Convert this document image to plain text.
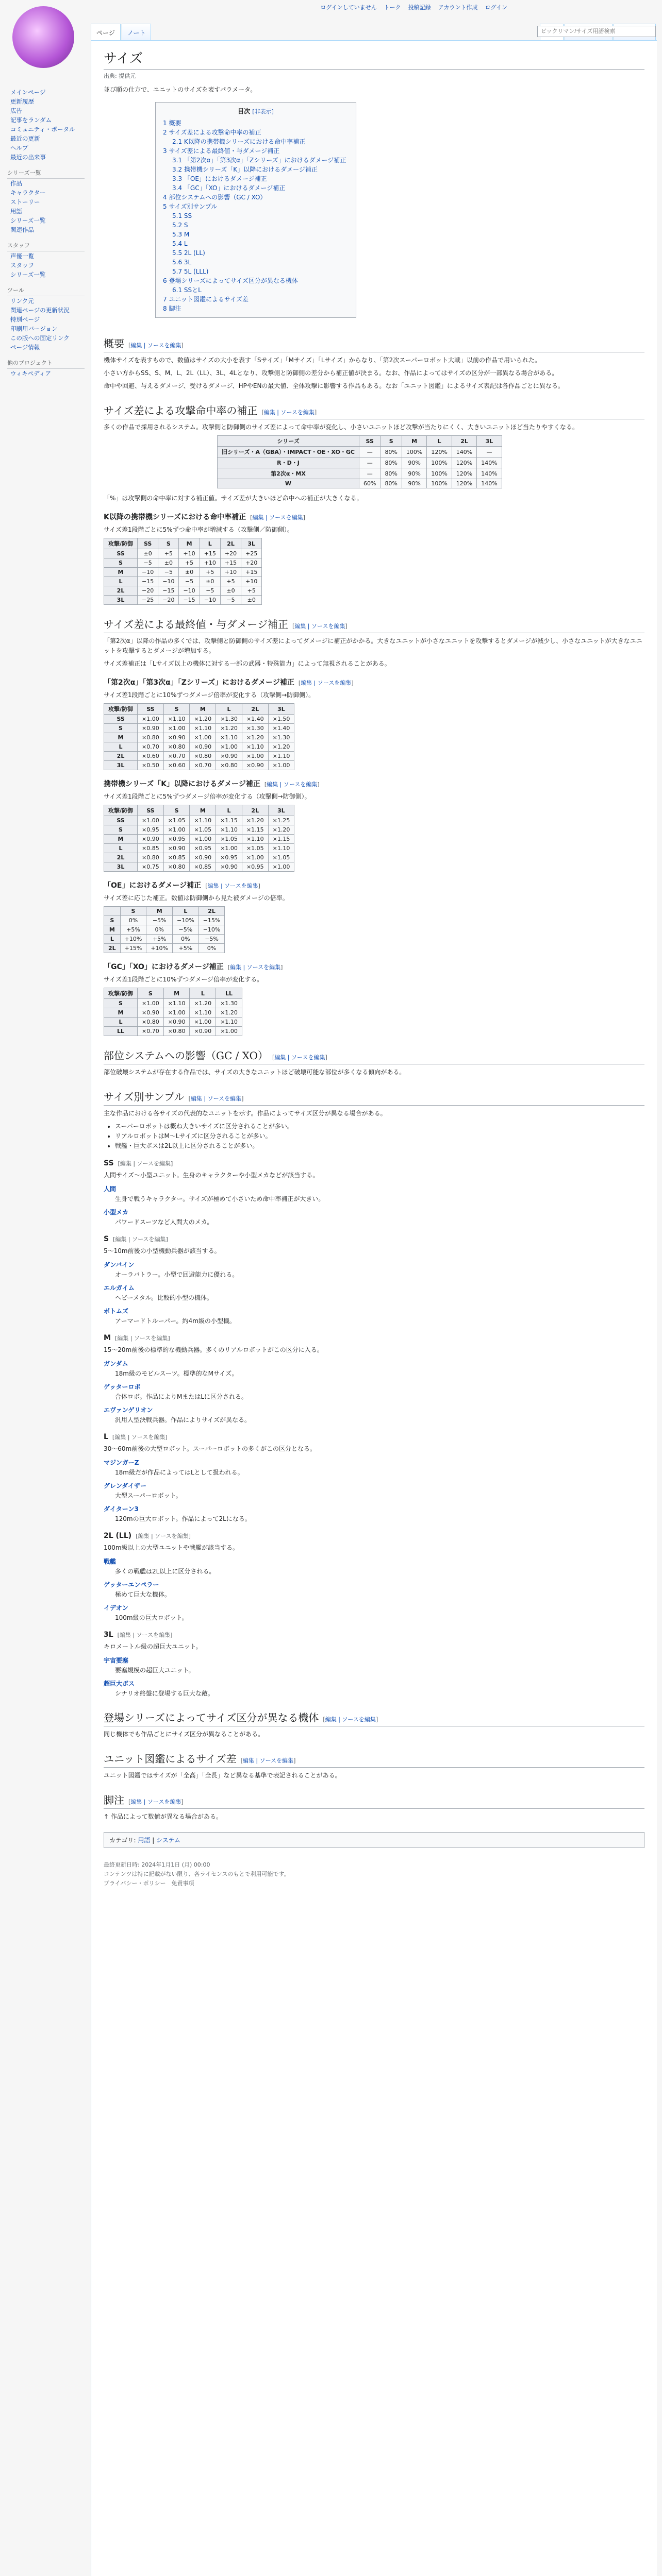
ログインしていません トーク 投稿記録 アカウント作成 ログイン
メインページ
更新履歴
広告
記事をランダム
コミュニティ・ポータル
最近の更新
ヘルプ
最近の出来事
シリーズ一覧
作品
キャラクター
ストーリー
用語
シリーズ一覧
関連作品
スタッフ
声優一覧
スタッフ
シリーズ一覧
ツール
リンク元
関連ページの更新状況
特別ページ
印刷用バージョン
この版への固定リンク
ページ情報
他のプロジェクト
ウィキペディア
ページ ノート
ビックリマン/サイズ用語検索
サイズ
出典: 提供元

並び順の仕方で、ユニットのサイズを表すパラメータ。

目次 [非表示]
1 概要
2 サイズ差による攻撃命中率の補正
2.1 K以降の携帯機シリーズにおける命中率補正
3 サイズ差による最終値・与ダメージ補正
3.1 「第2次α」「第3次α」「Zシリーズ」におけるダメージ補正
3.2 携帯機シリーズ「K」以降におけるダメージ補正
3.3 「OE」におけるダメージ補正
3.4 「GC」「XO」におけるダメージ補正
4 部位システムへの影響（GC / XO）
5 サイズ別サンプル
5.1 SS
5.2 S
5.3 M
5.4 L
5.5 2L (LL)
5.6 3L
5.7 5L (LLL)
6 登場シリーズによってサイズ区分が異なる機体
6.1 SSとL
7 ユニット図鑑によるサイズ差
8 脚注
概要 [編集 | ソースを編集]

機体サイズを表すもので、数値はサイズの大小を表す「Sサイズ」「Mサイズ」「Lサイズ」からなり、「第2次スーパーロボット大戦」以前の作品で用いられた。

小さい方からSS、S、M、L、2L（LL）、3L、4Lとなり、攻撃側と防御側の差分から補正値が決まる。なお、作品によってはサイズの区分が一部異なる場合がある。

命中や回避、与えるダメージ、受けるダメージ、HPやENの最大値、全体攻撃に影響する作品もある。なお「ユニット図鑑」によるサイズ表記は各作品ごとに異なる。

サイズ差による攻撃命中率の補正 [編集 | ソースを編集]

多くの作品で採用されるシステム。攻撃側と防御側のサイズ差によって命中率が変化し、小さいユニットほど攻撃が当たりにくく、大きいユニットほど当たりやすくなる。

シリーズ	SS	S	M	L	2L	3L
旧シリーズ・A（GBA）・IMPACT・OE・XO・GC	—	80%	100%	120%	140%	—
R・D・J	—	80%	90%	100%	120%	140%
第2次α・MX	—	80%	90%	100%	120%	140%
W	60%	80%	90%	100%	120%	140%

「%」は攻撃側の命中率に対する補正値。サイズ差が大きいほど命中への補正が大きくなる。

K以降の携帯機シリーズにおける命中率補正 [編集 | ソースを編集]

サイズ差1段階ごとに5%ずつ命中率が増減する（攻撃側／防御側）。

攻撃/防御	SS	S	M	L	2L	3L
SS	±0	+5	+10	+15	+20	+25
S	−5	±0	+5	+10	+15	+20
M	−10	−5	±0	+5	+10	+15
L	−15	−10	−5	±0	+5	+10
2L	−20	−15	−10	−5	±0	+5
3L	−25	−20	−15	−10	−5	±0
サイズ差による最終値・与ダメージ補正 [編集 | ソースを編集]

「第2次α」以降の作品の多くでは、攻撃側と防御側のサイズ差によってダメージに補正がかかる。大きなユニットが小さなユニットを攻撃するとダメージが減少し、小さなユニットが大きなユニットを攻撃するとダメージが増加する。

サイズ差補正は「Lサイズ以上の機体に対する一部の武器・特殊能力」によって無視されることがある。

「第2次α」「第3次α」「Zシリーズ」におけるダメージ補正 [編集 | ソースを編集]

サイズ差1段階ごとに10%ずつダメージ倍率が変化する（攻撃側→防御側）。

攻撃/防御	SS	S	M	L	2L	3L
SS	×1.00	×1.10	×1.20	×1.30	×1.40	×1.50
S	×0.90	×1.00	×1.10	×1.20	×1.30	×1.40
M	×0.80	×0.90	×1.00	×1.10	×1.20	×1.30
L	×0.70	×0.80	×0.90	×1.00	×1.10	×1.20
2L	×0.60	×0.70	×0.80	×0.90	×1.00	×1.10
3L	×0.50	×0.60	×0.70	×0.80	×0.90	×1.00
携帯機シリーズ「K」以降におけるダメージ補正 [編集 | ソースを編集]

サイズ差1段階ごとに5%ずつダメージ倍率が変化する（攻撃側→防御側）。

攻撃/防御	SS	S	M	L	2L	3L
SS	×1.00	×1.05	×1.10	×1.15	×1.20	×1.25
S	×0.95	×1.00	×1.05	×1.10	×1.15	×1.20
M	×0.90	×0.95	×1.00	×1.05	×1.10	×1.15
L	×0.85	×0.90	×0.95	×1.00	×1.05	×1.10
2L	×0.80	×0.85	×0.90	×0.95	×1.00	×1.05
3L	×0.75	×0.80	×0.85	×0.90	×0.95	×1.00
「OE」におけるダメージ補正 [編集 | ソースを編集]

サイズ差に応じた補正。数値は防御側から見た被ダメージの倍率。

	S	M	L	2L
S	0%	−5%	−10%	−15%
M	+5%	0%	−5%	−10%
L	+10%	+5%	0%	−5%
2L	+15%	+10%	+5%	0%
「GC」「XO」におけるダメージ補正 [編集 | ソースを編集]

サイズ差1段階ごとに10%ずつダメージ倍率が変化する。

攻撃/防御	S	M	L	LL
S	×1.00	×1.10	×1.20	×1.30
M	×0.90	×1.00	×1.10	×1.20
L	×0.80	×0.90	×1.00	×1.10
LL	×0.70	×0.80	×0.90	×1.00
部位システムへの影響（GC / XO） [編集 | ソースを編集]

部位破壊システムが存在する作品では、サイズの大きなユニットほど破壊可能な部位が多くなる傾向がある。

サイズ別サンプル [編集 | ソースを編集]

主な作品における各サイズの代表的なユニットを示す。作品によってサイズ区分が異なる場合がある。

• スーパーロボットは概ね大きいサイズに区分されることが多い。
• リアルロボットはM〜Lサイズに区分されることが多い。
• 戦艦・巨大ボスは2L以上に区分されることが多い。
SS [編集 | ソースを編集]

人間サイズ〜小型ユニット。生身のキャラクターや小型メカなどが該当する。

人間
生身で戦うキャラクター。サイズが極めて小さいため命中率補正が大きい。
小型メカ
パワードスーツなど人間大のメカ。
S [編集 | ソースを編集]

5〜10m前後の小型機動兵器が該当する。

ダンバイン
オーラバトラー。小型で回避能力に優れる。
エルガイム
ヘビーメタル。比較的小型の機体。
ボトムズ
アーマードトルーパー。約4m級の小型機。
M [編集 | ソースを編集]

15〜20m前後の標準的な機動兵器。多くのリアルロボットがこの区分に入る。

ガンダム
18m級のモビルスーツ。標準的なMサイズ。
ゲッターロボ
合体ロボ。作品によりMまたはLに区分される。
エヴァンゲリオン
汎用人型決戦兵器。作品によりサイズが異なる。
L [編集 | ソースを編集]

30〜60m前後の大型ロボット。スーパーロボットの多くがこの区分となる。

マジンガーZ
18m級だが作品によってはLとして扱われる。
グレンダイザー
大型スーパーロボット。
ダイターン3
120mの巨大ロボット。作品によって2Lになる。
2L (LL) [編集 | ソースを編集]

100m級以上の大型ユニットや戦艦が該当する。

戦艦
多くの戦艦は2L以上に区分される。
ゲッターエンペラー
極めて巨大な機体。
イデオン
100m級の巨大ロボット。
3L [編集 | ソースを編集]

キロメートル級の超巨大ユニット。

宇宙要塞
要塞規模の超巨大ユニット。
超巨大ボス
シナリオ終盤に登場する巨大な敵。
登場シリーズによってサイズ区分が異なる機体 [編集 | ソースを編集]

同じ機体でも作品ごとにサイズ区分が異なることがある。

ユニット図鑑によるサイズ差 [編集 | ソースを編集]

ユニット図鑑ではサイズが「全高」「全長」など異なる基準で表記されることがある。

脚注 [編集 | ソースを編集]

↑ 作品によって数値が異なる場合がある。

カテゴリ: 用語 | システム
最終更新日時: 2024年1月1日 (月) 00:00
コンテンツは特に記載がない限り、各ライセンスのもとで利用可能です。
プライバシー・ポリシー　免責事項
